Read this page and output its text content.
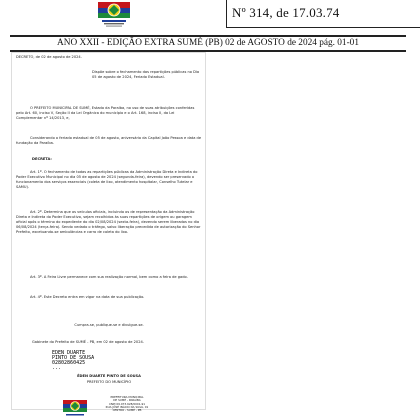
Nº 314, de 17.03.74
ANO XXII - EDIÇÃO EXTRA SUMÉ (PB) 02 de AGOSTO de 2024 pág. 01-01

DECRETO, de 02 de agosto de 2024.

Dispõe sobre o fechamento das repartições públicas no Dia 05 de agosto de 2024, Feriado Estadual.

O PREFEITO MUNICIPAL DE SUMÉ, Estado da Paraíba, no uso de suas atribuições conferidas pelo Art. 60, inciso V, Seção II da Lei Orgânica do município e o Art. 168, inciso II, da Lei Complementar nº 14/2013, e,

Considerando o feriado estadual de 05 de agosto, aniversário da Capital João Pessoa e data de fundação da Paraíba.

DECRETA:

Art. 1º. O fechamento de todas as repartições públicas da Administração Direta e Indireta do Poder Executivo Municipal no dia 05 de agosto de 2024 (segunda-feira), devendo ser preservado o funcionamento dos serviços essenciais (coleta de lixo, atendimento hospitalar, Conselho Tutelar e SAMU).

Art. 2º. Determina que os veículos oficiais, incluindo os de representação da Administração Direta e Indireta do Poder Executivo, sejam recolhidos às suas repartições de origem ou garagem oficial após o término do expediente do dia 02/08/2024 (sexta-feira), devendo serem liberados no dia 06/08/2024 (terça-feira). Sendo vedado o tráfego, salvo liberação precedida de autorização do Senhor Prefeito, excetuando-se ambulâncias e carro de coleta do lixo.

Art. 3º. A Feira Livre permanece com sua realização normal, bem como a feira de gado.

Art. 4º. Este Decreto entra em vigor na data de sua publicação.

Cumpra-se, publique-se e divulgue-se.

Gabinete do Prefeito de SUMÉ - PB, em 02 de agosto de 2024.

EDEN DUARTE
PINTO DE SOUSA
02802860425
...

ÉDEN DUARTE PINTO DE SOUSA

PREFEITO DO MUNICÍPIO

PREFEITURA MUNICIPAL
DE SUMÉ - PARAÍBA
CNPJ 09.073.628/0001-91
RUA JOSÉ INÁCIO DA SILVA, 01
CENTRO - SUMÉ - PB
